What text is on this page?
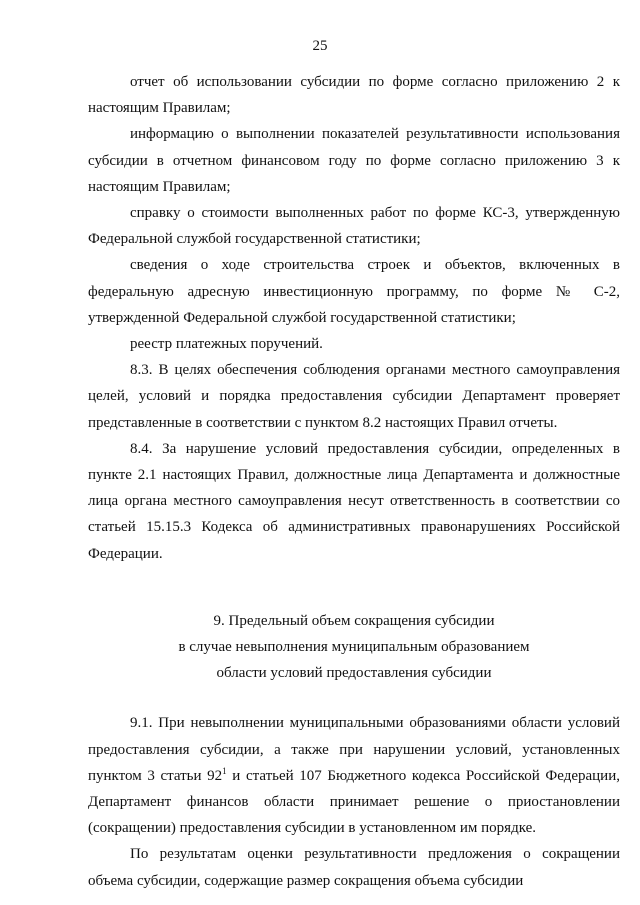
25

отчет об использовании субсидии по форме согласно приложению 2 к настоящим Правилам;

информацию о выполнении показателей результативности использования субсидии в отчетном финансовом году по форме согласно приложению 3 к настоящим Правилам;

справку о стоимости выполненных работ по форме КС-3, утвержденную Федеральной службой государственной статистики;

сведения о ходе строительства строек и объектов, включенных в федеральную адресную инвестиционную программу, по форме № С-2, утвержденной Федеральной службой государственной статистики;

реестр платежных поручений.

8.3. В целях обеспечения соблюдения органами местного самоуправления целей, условий и порядка предоставления субсидии Департамент проверяет представленные в соответствии с пунктом 8.2 настоящих Правил отчеты.

8.4. За нарушение условий предоставления субсидии, определенных в пункте 2.1 настоящих Правил, должностные лица Департамента и должностные лица органа местного самоуправления несут ответственность в соответствии со статьей 15.15.3 Кодекса об административных правонарушениях Российской Федерации.

9. Предельный объем сокращения субсидии
в случае невыполнения муниципальным образованием
области условий предоставления субсидии

9.1. При невыполнении муниципальными образованиями области условий предоставления субсидии, а также при нарушении условий, установленных пунктом 3 статьи $92^1$ и статьей 107 Бюджетного кодекса Российской Федерации, Департамент финансов области принимает решение о приостановлении (сокращении) предоставления субсидии в установленном им порядке.

По результатам оценки результативности предложения о сокращении объема субсидии, содержащие размер сокращения объема субсидии
